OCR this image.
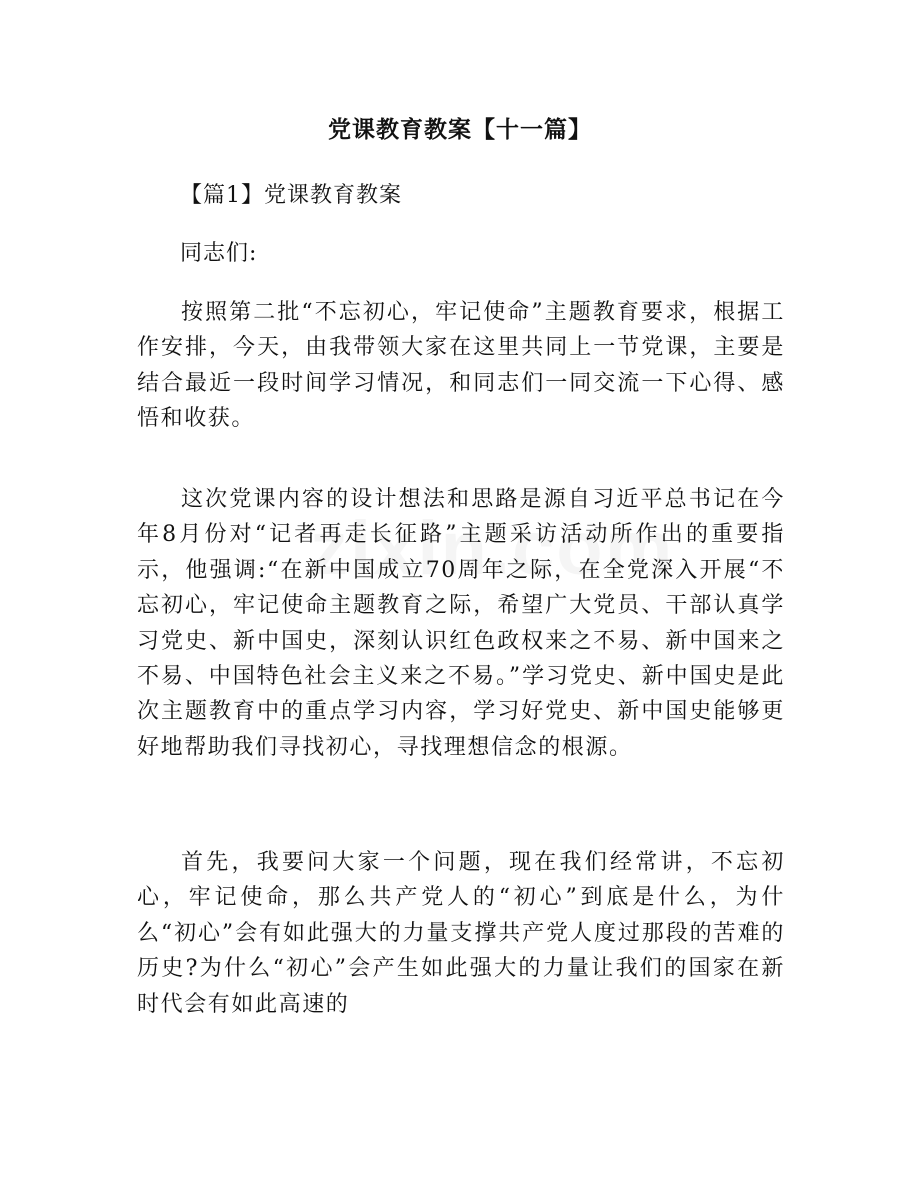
党课教育教案【十一篇】
【篇1】党课教育教案
同志们:

按照第二批“不忘初心，牢记使命”主题教育要求，根据工作安排，今天，由我带领大家在这里共同上一节党课，主要是结合最近一段时间学习情况，和同志们一同交流一下心得、感悟和收获。

这次党课内容的设计想法和思路是源自习近平总书记在今年8月份对“记者再走长征路”主题采访活动所作出的重要指示，他强调:“在新中国成立70周年之际，在全党深入开展“不忘初心，牢记使命主题教育之际，希望广大党员、干部认真学习党史、新中国史，深刻认识红色政权来之不易、新中国来之不易、中国特色社会主义来之不易。”学习党史、新中国史是此次主题教育中的重点学习内容，学习好党史、新中国史能够更好地帮助我们寻找初心，寻找理想信念的根源。

首先，我要问大家一个问题，现在我们经常讲，不忘初心，牢记使命，那么共产党人的“初心”到底是什么，为什么“初心”会有如此强大的力量支撑共产党人度过那段的苦难的历史?为什么“初心”会产生如此强大的力量让我们的国家在新时代会有如此高速的
